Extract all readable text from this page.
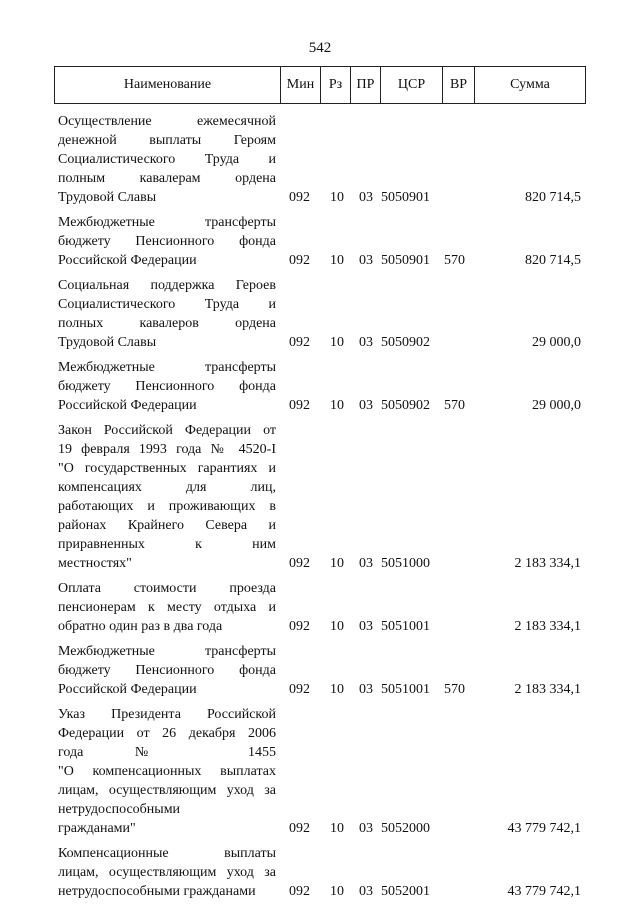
542
Наименование	Мин	Рз	ПР	ЦСР	ВР	Сумма
Осуществление ежемесячной
денежной выплаты Героям
Социалистического Труда и
полным кавалерам ордена
Трудовой Славы	092 10 03 5050901	820 714,5
Межбюджетные трансферты
бюджету Пенсионного фонда
Российской Федерации	092 10 03 5050901 570	820 714,5
Социальная поддержка Героев
Социалистического Труда и
полных кавалеров ордена
Трудовой Славы	092 10 03 5050902	29 000,0
Межбюджетные трансферты
бюджету Пенсионного фонда
Российской Федерации	092 10 03 5050902 570	29 000,0
Закон Российской Федерации от
19 февраля 1993 года № 4520-I
"О государственных гарантиях и
компенсациях для лиц,
работающих и проживающих в
районах Крайнего Севера и
приравненных к ним
местностях"	092 10 03 5051000	2 183 334,1
Оплата стоимости проезда
пенсионерам к месту отдыха и
обратно один раз в два года	092 10 03 5051001	2 183 334,1
Межбюджетные трансферты
бюджету Пенсионного фонда
Российской Федерации	092 10 03 5051001 570	2 183 334,1
Указ Президента Российской
Федерации от 26 декабря 2006
года № 1455
"О компенсационных выплатах
лицам, осуществляющим уход за
нетрудоспособными
гражданами"	092 10 03 5052000	43 779 742,1
Компенсационные выплаты
лицам, осуществляющим уход за
нетрудоспособными гражданами	092 10 03 5052001	43 779 742,1
